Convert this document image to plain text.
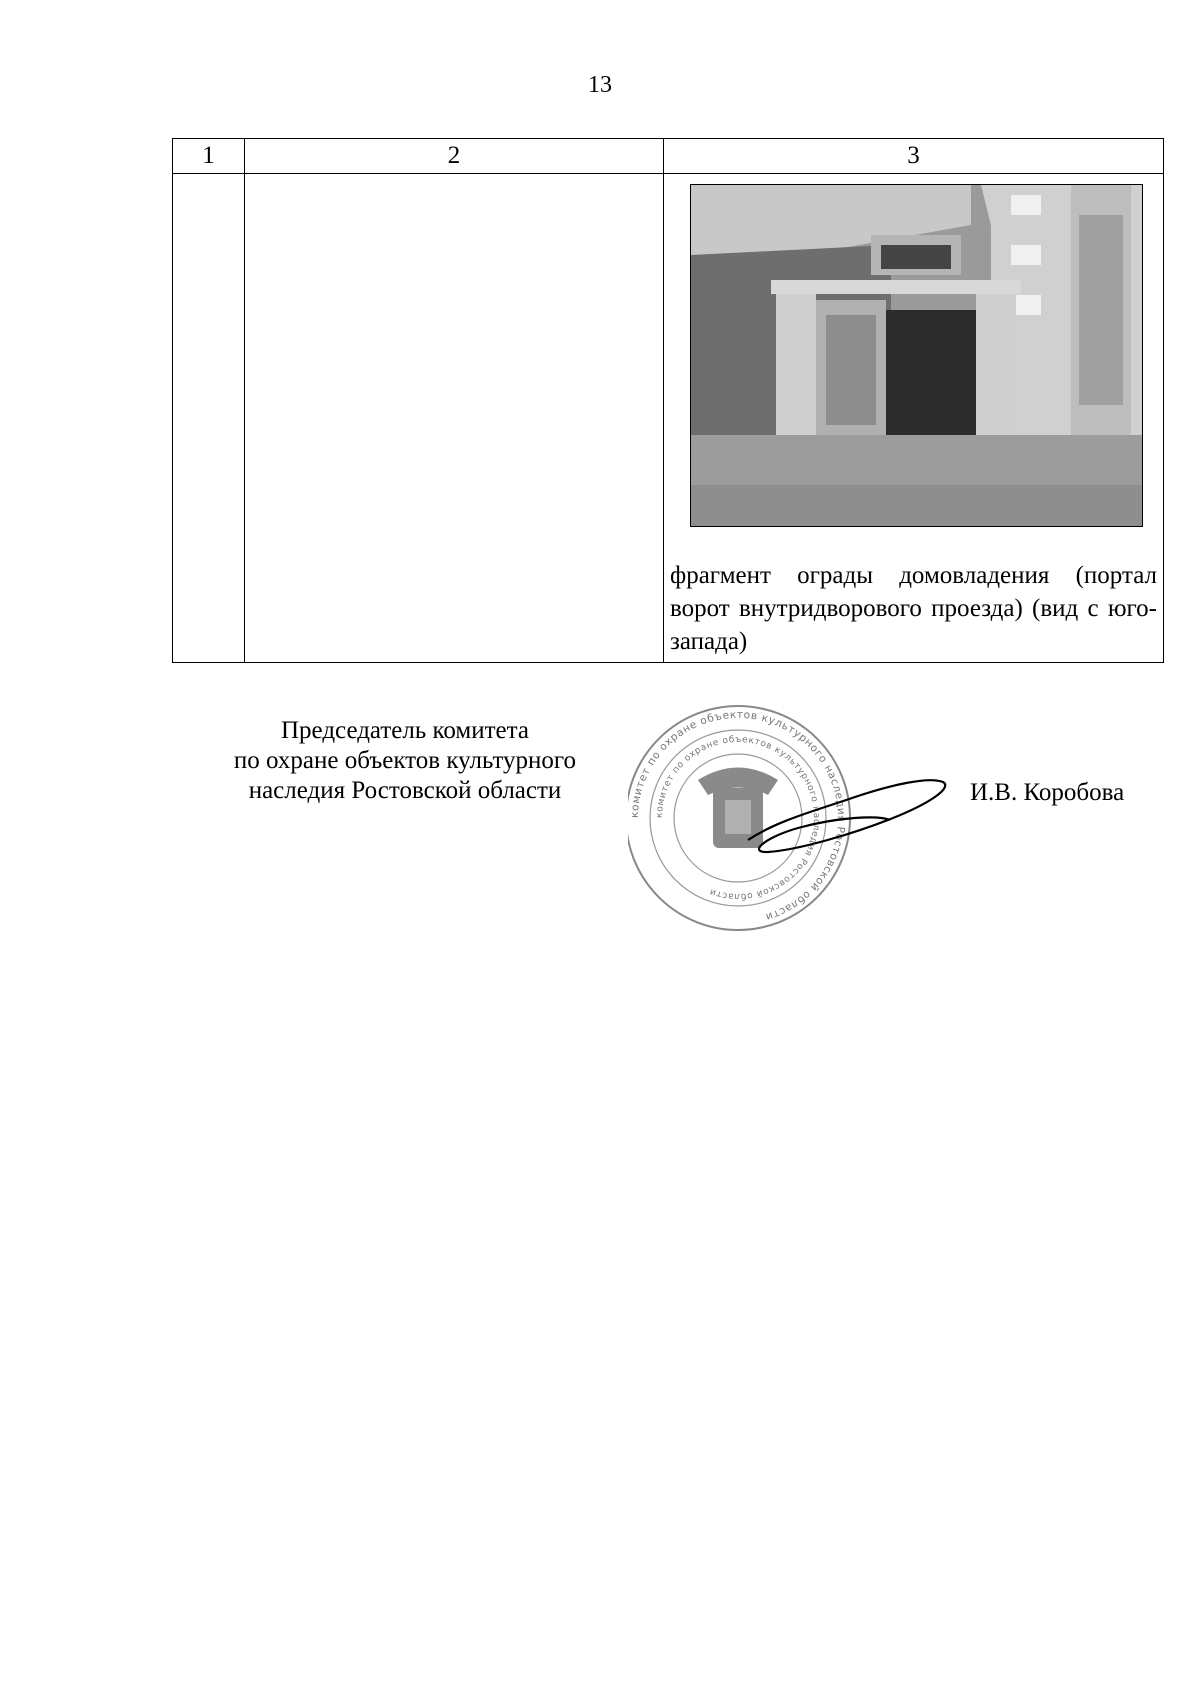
13
1	2	3

		фрагмент ограды домовладения (портал ворот внутридворового проезда) (вид с юго-запада)
Председатель комитета
по охране объектов культурного
наследия Ростовской области
комитет по охране объектов культурного наследия Ростовской области
комитет по охране объектов культурного наследия Ростовской области
И.В. Коробова
